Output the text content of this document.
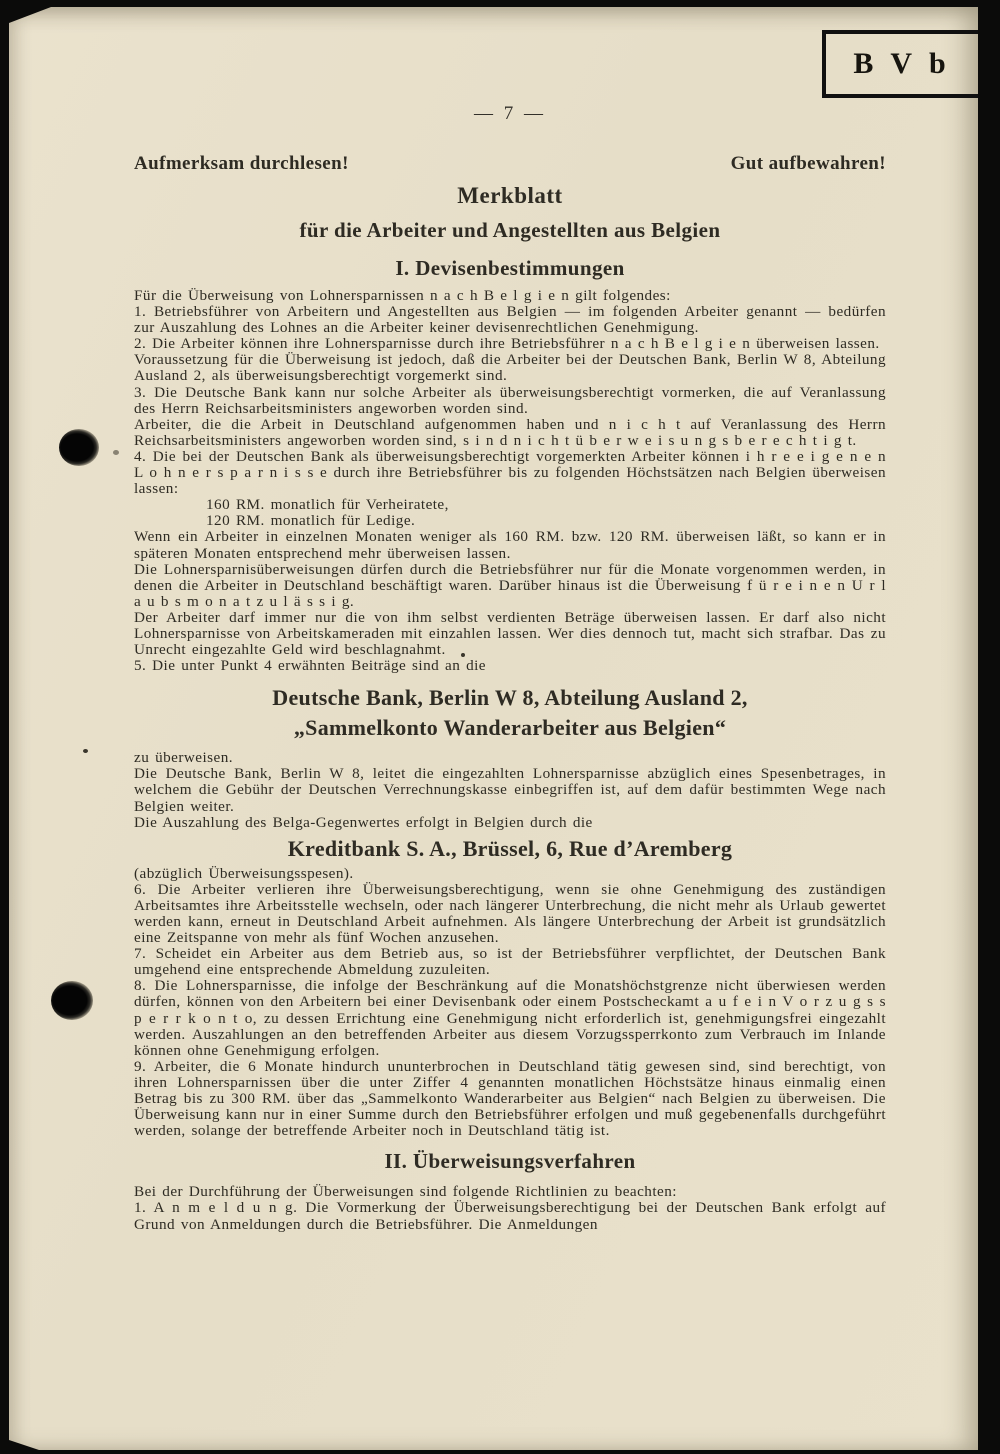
B V b
— 7 —
Aufmerksam durchlesen!	Gut aufbewahren!
Merkblatt
für die Arbeiter und Angestellten aus Belgien
I. Devisenbestimmungen

Für die Überweisung von Lohnersparnissen n a c h B e l g i e n gilt folgendes:

1. Betriebsführer von Arbeitern und Angestellten aus Belgien — im folgenden Arbeiter genannt — bedürfen zur Auszahlung des Lohnes an die Arbeiter keiner devisenrechtlichen Genehmigung.

2. Die Arbeiter können ihre Lohnersparnisse durch ihre Betriebsführer n a c h B e l g i e n überweisen lassen.

Voraussetzung für die Überweisung ist jedoch, daß die Arbeiter bei der Deutschen Bank, Berlin W 8, Abteilung Ausland 2, als überweisungsberechtigt vorgemerkt sind.

3. Die Deutsche Bank kann nur solche Arbeiter als überweisungsberechtigt vormerken, die auf Veranlassung des Herrn Reichsarbeitsministers angeworben worden sind.

Arbeiter, die die Arbeit in Deutschland aufgenommen haben und n i c h t auf Veranlassung des Herrn Reichsarbeitsministers angeworben worden sind, s i n d n i c h t ü b e r w e i s u n g s b e r e c h t i g t.

4. Die bei der Deutschen Bank als überweisungsberechtigt vorgemerkten Arbeiter können i h r e e i g e n e n L o h n e r s p a r n i s s e durch ihre Betriebsführer bis zu folgenden Höchstsätzen nach Belgien überweisen lassen:

160 RM. monatlich für Verheiratete,

120 RM. monatlich für Ledige.

Wenn ein Arbeiter in einzelnen Monaten weniger als 160 RM. bzw. 120 RM. überweisen läßt, so kann er in späteren Monaten entsprechend mehr überweisen lassen.

Die Lohnersparnisüberweisungen dürfen durch die Betriebsführer nur für die Monate vorgenommen werden, in denen die Arbeiter in Deutschland beschäftigt waren. Darüber hinaus ist die Überweisung f ü r e i n e n U r l a u b s m o n a t z u l ä s s i g.

Der Arbeiter darf immer nur die von ihm selbst verdienten Beträge überweisen lassen. Er darf also nicht Lohnersparnisse von Arbeitskameraden mit einzahlen lassen. Wer dies dennoch tut, macht sich strafbar. Das zu Unrecht eingezahlte Geld wird beschlagnahmt.

5. Die unter Punkt 4 erwähnten Beiträge sind an die

Deutsche Bank, Berlin W 8, Abteilung Ausland 2,
„Sammelkonto Wanderarbeiter aus Belgien“

zu überweisen.

Die Deutsche Bank, Berlin W 8, leitet die eingezahlten Lohnersparnisse abzüglich eines Spesenbetrages, in welchem die Gebühr der Deutschen Verrechnungskasse einbegriffen ist, auf dem dafür bestimmten Wege nach Belgien weiter.

Die Auszahlung des Belga-Gegenwertes erfolgt in Belgien durch die

Kreditbank S. A., Brüssel, 6, Rue d’Aremberg

(abzüglich Überweisungsspesen).

6. Die Arbeiter verlieren ihre Überweisungsberechtigung, wenn sie ohne Genehmigung des zuständigen Arbeitsamtes ihre Arbeitsstelle wechseln, oder nach längerer Unterbrechung, die nicht mehr als Urlaub gewertet werden kann, erneut in Deutschland Arbeit aufnehmen. Als längere Unterbrechung der Arbeit ist grundsätzlich eine Zeitspanne von mehr als fünf Wochen anzusehen.

7. Scheidet ein Arbeiter aus dem Betrieb aus, so ist der Betriebsführer verpflichtet, der Deutschen Bank umgehend eine entsprechende Abmeldung zuzuleiten.

8. Die Lohnersparnisse, die infolge der Beschränkung auf die Monatshöchstgrenze nicht überwiesen werden dürfen, können von den Arbeitern bei einer Devisenbank oder einem Postscheckamt a u f e i n V o r z u g s s p e r r k o n t o, zu dessen Errichtung eine Genehmigung nicht erforderlich ist, genehmigungsfrei eingezahlt werden. Auszahlungen an den betreffenden Arbeiter aus diesem Vorzugssperrkonto zum Verbrauch im Inlande können ohne Genehmigung erfolgen.

9. Arbeiter, die 6 Monate hindurch ununterbrochen in Deutschland tätig gewesen sind, sind berechtigt, von ihren Lohnersparnissen über die unter Ziffer 4 genannten monatlichen Höchstsätze hinaus einmalig einen Betrag bis zu 300 RM. über das „Sammelkonto Wanderarbeiter aus Belgien“ nach Belgien zu überweisen. Die Überweisung kann nur in einer Summe durch den Betriebsführer erfolgen und muß gegebenenfalls durchgeführt werden, solange der betreffende Arbeiter noch in Deutschland tätig ist.

II. Überweisungsverfahren

Bei der Durchführung der Überweisungen sind folgende Richtlinien zu beachten:

1. A n m e l d u n g. Die Vormerkung der Überweisungsberechtigung bei der Deutschen Bank erfolgt auf Grund von Anmeldungen durch die Betriebsführer. Die Anmeldungen
